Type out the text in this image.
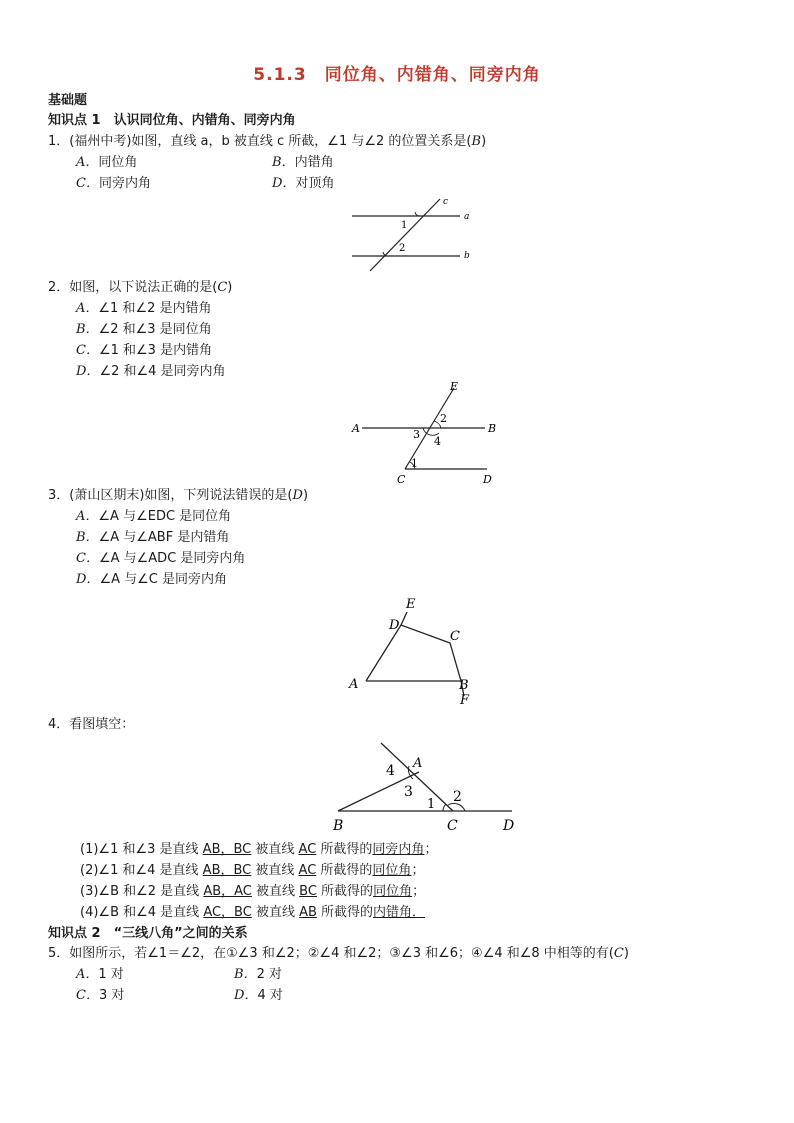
5.1.3　同位角、内错角、同旁内角
基础题
知识点 1　认识同位角、内错角、同旁内角
1．(福州中考)如图，直线 a，b 被直线 c 所截，∠1 与∠2 的位置关系是(B)
A．同位角	B．内错角
C．同旁内角	D．对顶角
c
a
b
1
2
2．如图，以下说法正确的是(C)
A．∠1 和∠2 是内错角
B．∠2 和∠3 是同位角
C．∠1 和∠3 是内错角
D．∠2 和∠4 是同旁内角
E
A	B
C	D
2
3
4
1
3．(萧山区期末)如图，下列说法错误的是(D)
A．∠A 与∠EDC 是同位角
B．∠A 与∠ABF 是内错角
C．∠A 与∠ADC 是同旁内角
D．∠A 与∠C 是同旁内角
E
D
C
A	B
F
4．看图填空：
A
B	C	D
4
3
1 2
(1)∠1 和∠3 是直线 AB，BC 被直线 AC 所截得的同旁内角；
(2)∠1 和∠4 是直线 AB，BC 被直线 AC 所截得的同位角；
(3)∠B 和∠2 是直线 AB，AC 被直线 BC 所截得的同位角；
(4)∠B 和∠4 是直线 AC，BC 被直线 AB 所截得的内错角．
知识点 2　“三线八角”之间的关系
5．如图所示，若∠1＝∠2，在①∠3 和∠2；②∠4 和∠2；③∠3 和∠6；④∠4 和∠8 中相等的有(C)
A．1 对	B．2 对
C．3 对	D．4 对
